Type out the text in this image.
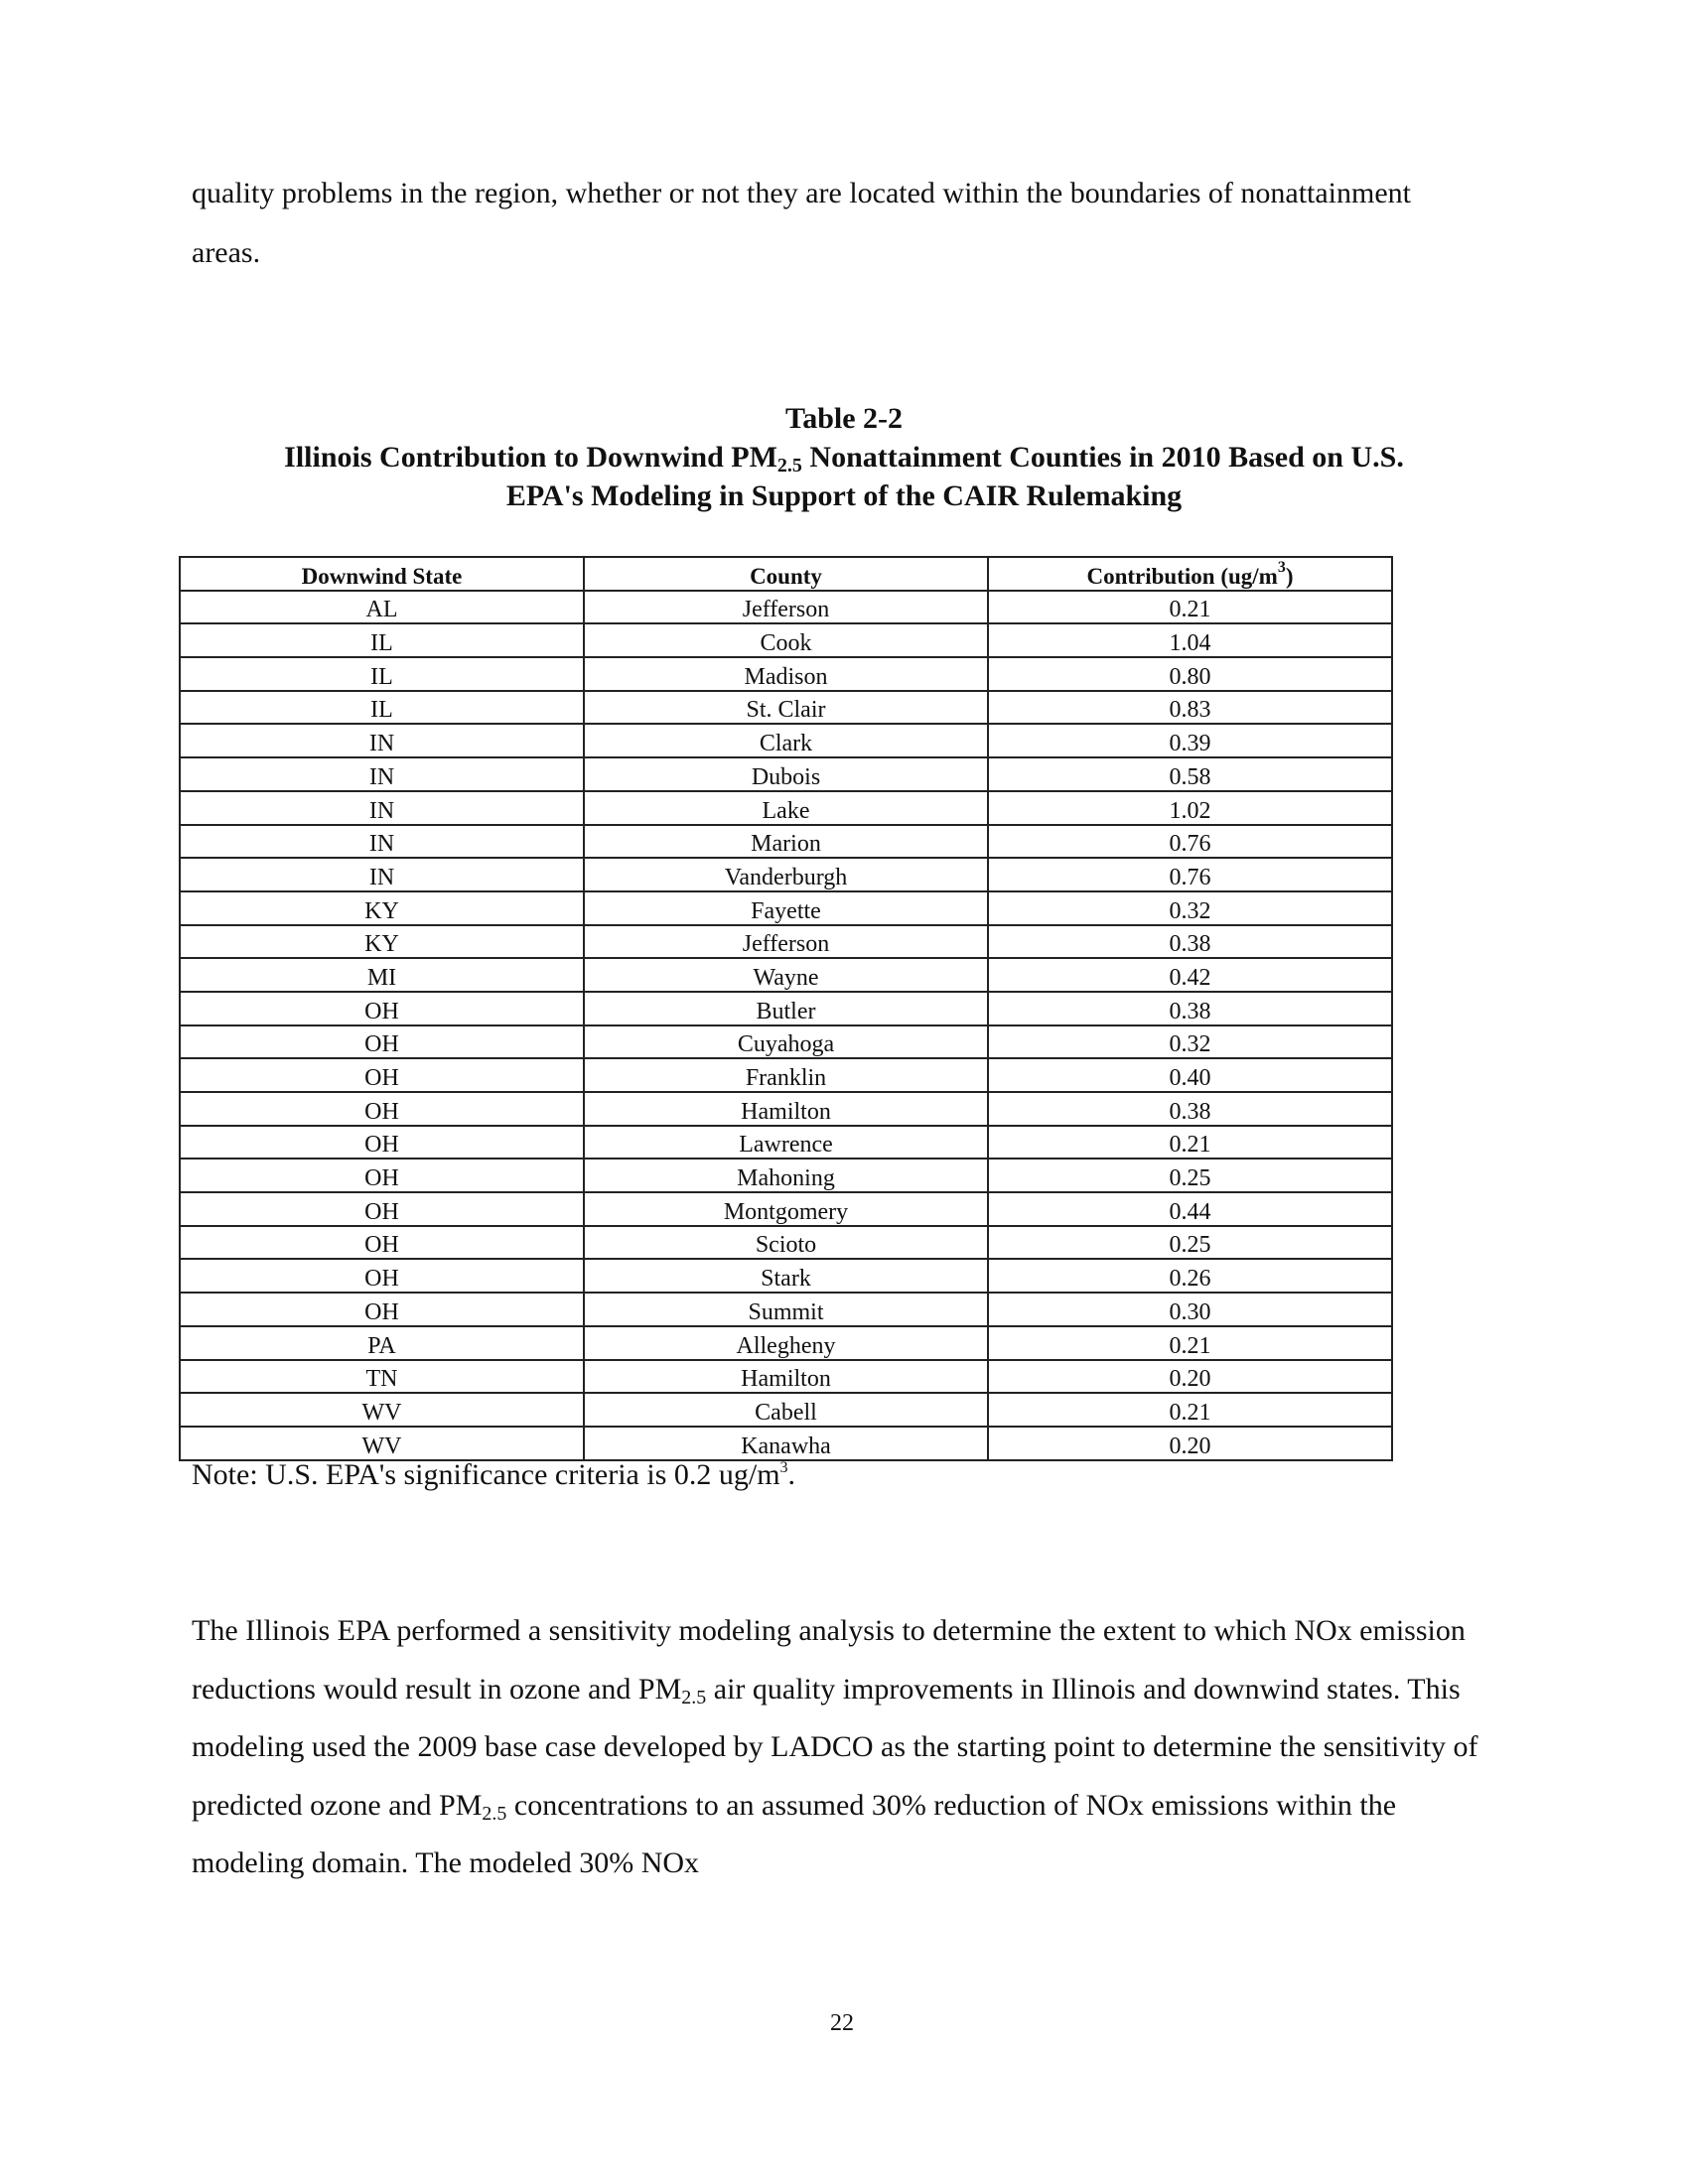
quality problems in the region, whether or not they are located within the boundaries of nonattainment areas.

Table 2-2
Illinois Contribution to Downwind $PM_{2.5}$ Nonattainment Counties in 2010 Based on U.S.
EPA's Modeling in Support of the CAIR Rulemaking
Downwind State	County	Contribution $(ug/m^3)$
AL	Jefferson	0.21
IL	Cook	1.04
IL	Madison	0.80
IL	St. Clair	0.83
IN	Clark	0.39
IN	Dubois	0.58
IN	Lake	1.02
IN	Marion	0.76
IN	Vanderburgh	0.76
KY	Fayette	0.32
KY	Jefferson	0.38
MI	Wayne	0.42
OH	Butler	0.38
OH	Cuyahoga	0.32
OH	Franklin	0.40
OH	Hamilton	0.38
OH	Lawrence	0.21
OH	Mahoning	0.25
OH	Montgomery	0.44
OH	Scioto	0.25
OH	Stark	0.26
OH	Summit	0.30
PA	Allegheny	0.21
TN	Hamilton	0.20
WV	Cabell	0.21
WV	Kanawha	0.20
Note: U.S. EPA's significance criteria is 0.2 $ug/m^3$.

The Illinois EPA performed a sensitivity modeling analysis to determine the extent to which NOx emission reductions would result in ozone and $PM_{2.5}$ air quality improvements in Illinois and downwind states. This modeling used the 2009 base case developed by LADCO as the starting point to determine the sensitivity of predicted ozone and $PM_{2.5}$ concentrations to an assumed 30% reduction of NOx emissions within the modeling domain. The modeled 30% NOx

22
